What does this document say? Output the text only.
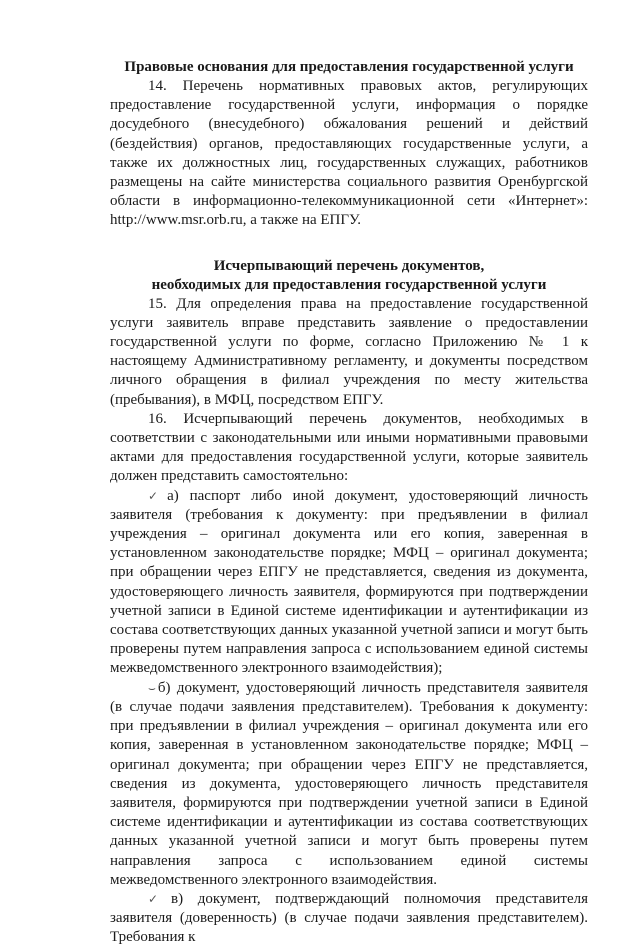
Правовые основания для предоставления государственной услуги

14. Перечень нормативных правовых актов, регулирующих предоставление государственной услуги, информация о порядке досудебного (внесудебного) обжалования решений и действий (бездействия) органов, предоставляющих государственные услуги, а также их должностных лиц, государственных служащих, работников размещены на сайте министерства социального развития Оренбургской области в информационно-телекоммуникационной сети «Интернет»: http://www.msr.orb.ru, а также на ЕПГУ.

Исчерпывающий перечень документов,

необходимых для предоставления государственной услуги

15. Для определения права на предоставление государственной услуги заявитель вправе представить заявление о предоставлении государственной услуги по форме, согласно Приложению № 1 к настоящему Административному регламенту, и документы посредством личного обращения в филиал учреждения по месту жительства (пребывания), в МФЦ, посредством ЕПГУ.

16. Исчерпывающий перечень документов, необходимых в соответствии с законодательными или иными нормативными правовыми актами для предоставления государственной услуги, которые заявитель должен представить самостоятельно:

✓ а) паспорт либо иной документ, удостоверяющий личность заявителя (требования к документу: при предъявлении в филиал учреждения – оригинал документа или его копия, заверенная в установленном законодательстве порядке; МФЦ – оригинал документа; при обращении через ЕПГУ не представляется, сведения из документа, удостоверяющего личность заявителя, формируются при подтверждении учетной записи в Единой системе идентификации и аутентификации из состава соответствующих данных указанной учетной записи и могут быть проверены путем направления запроса с использованием единой системы межведомственного электронного взаимодействия);

⌣ б) документ, удостоверяющий личность представителя заявителя (в случае подачи заявления представителем). Требования к документу: при предъявлении в филиал учреждения – оригинал документа или его копия, заверенная в установленном законодательстве порядке; МФЦ – оригинал документа; при обращении через ЕПГУ не представляется, сведения из документа, удостоверяющего личность представителя заявителя, формируются при подтверждении учетной записи в Единой системе идентификации и аутентификации из состава соответствующих данных указанной учетной записи и могут быть проверены путем направления запроса с использованием единой системы межведомственного электронного взаимодействия.

✓ в) документ, подтверждающий полномочия представителя заявителя (доверенность) (в случае подачи заявления представителем). Требования к
